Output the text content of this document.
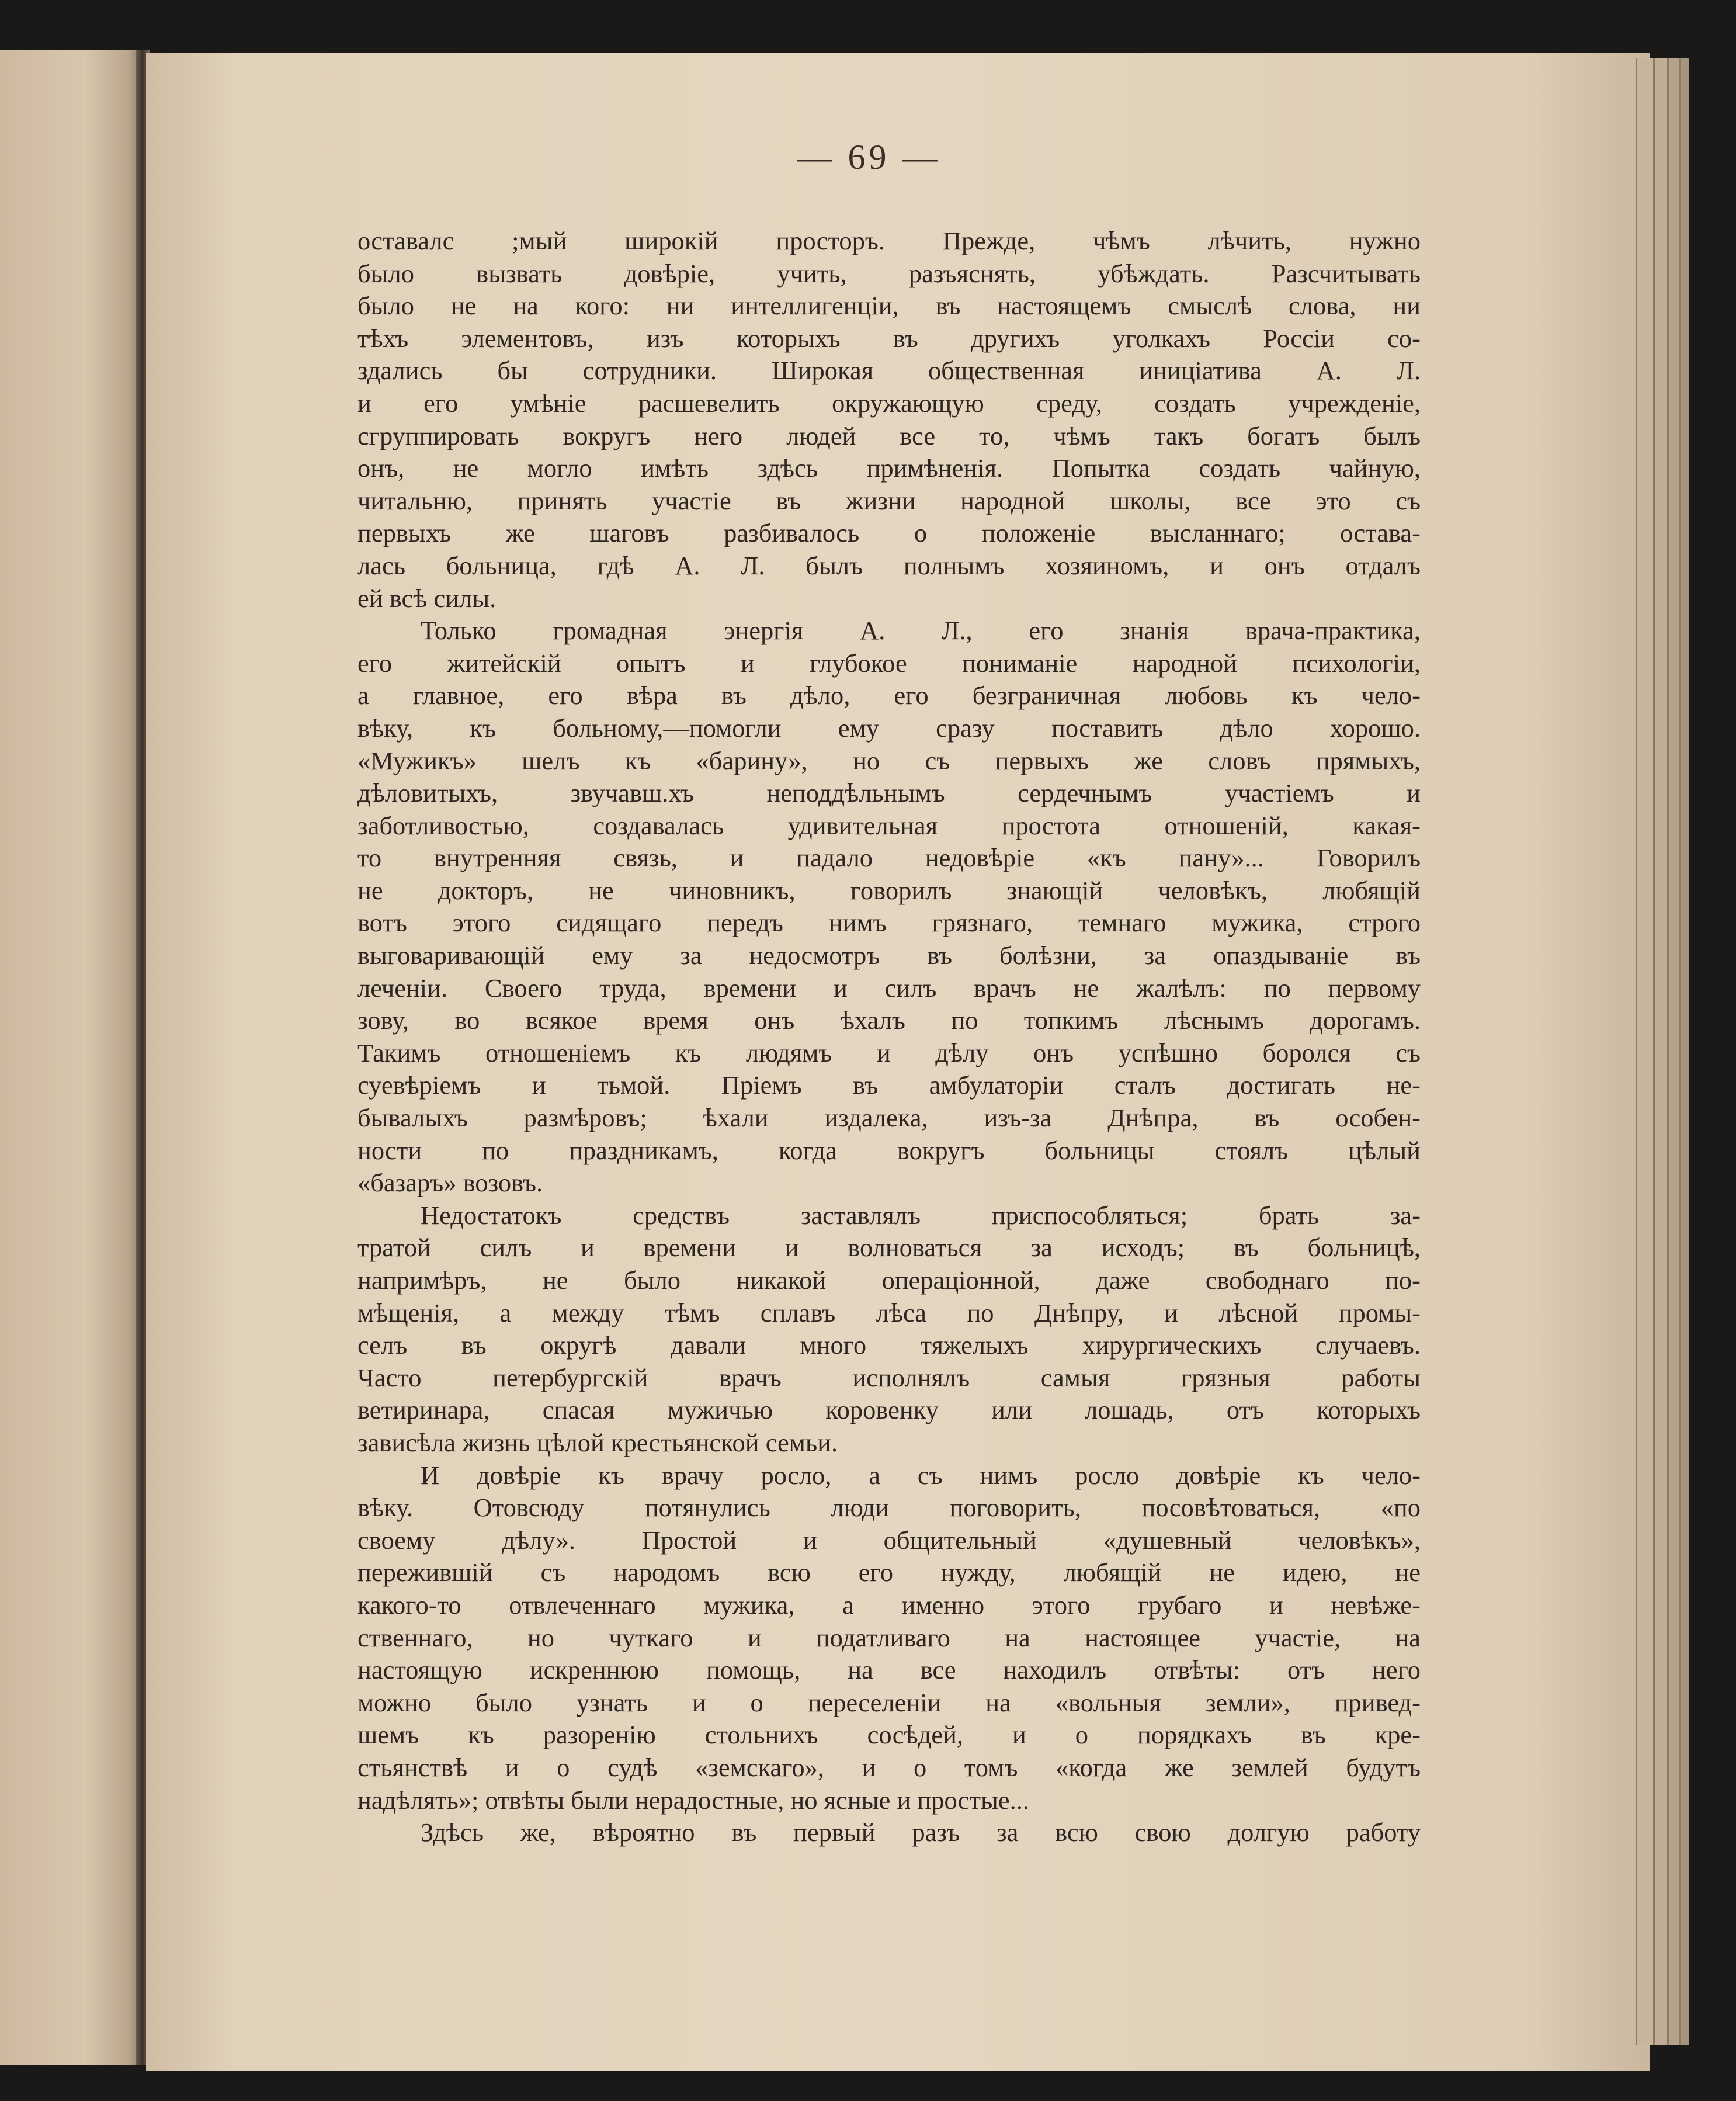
— 69 —
оставалс ;мый широкій просторъ. Прежде, чѣмъ лѣчить, нужно
было вызвать довѣріе, учить, разъяснять, убѣждать. Разсчитывать
было не на кого: ни интеллигенціи, въ настоящемъ смыслѣ слова, ни
тѣхъ элементовъ, изъ которыхъ въ другихъ уголкахъ Россіи со-
здались бы сотрудники. Широкая общественная иниціатива А. Л.
и его умѣніе расшевелить окружающую среду, создать учрежденіе,
сгруппировать вокругъ него людей все то, чѣмъ такъ богатъ былъ
онъ, не могло имѣть здѣсь примѣненія. Попытка создать чайную,
читальню, принять участіе въ жизни народной школы, все это съ
первыхъ же шаговъ разбивалось о положеніе высланнаго; остава-
лась больница, гдѣ А. Л. былъ полнымъ хозяиномъ, и онъ отдалъ
ей всѣ силы.
Только громадная энергія А. Л., его знанія врача-практика,
его житейскій опытъ и глубокое пониманіе народной психологіи,
а главное, его вѣра въ дѣло, его безграничная любовь къ чело-
вѣку, къ больному,—помогли ему сразу поставить дѣло хорошо.
«Мужикъ» шелъ къ «барину», но съ первыхъ же словъ прямыхъ,
дѣловитыхъ, звучавш.хъ неподдѣльнымъ сердечнымъ участіемъ и
заботливостью, создавалась удивительная простота отношеній, какая-
то внутренняя связь, и падало недовѣріе «къ пану»... Говорилъ
не докторъ, не чиновникъ, говорилъ знающій человѣкъ, любящій
вотъ этого сидящаго передъ нимъ грязнаго, темнаго мужика, строго
выговаривающій ему за недосмотръ въ болѣзни, за опаздываніе въ
леченіи. Своего труда, времени и силъ врачъ не жалѣлъ: по первому
зову, во всякое время онъ ѣхалъ по топкимъ лѣснымъ дорогамъ.
Такимъ отношеніемъ къ людямъ и дѣлу онъ успѣшно боролся съ
суевѣріемъ и тьмой. Пріемъ въ амбулаторіи сталъ достигать не-
бывалыхъ размѣровъ; ѣхали издалека, изъ-за Днѣпра, въ особен-
ности по праздникамъ, когда вокругъ больницы стоялъ цѣлый
«базаръ» возовъ.
Недостатокъ средствъ заставлялъ приспособляться; брать за-
тратой силъ и времени и волноваться за исходъ; въ больницѣ,
напримѣръ, не было никакой операціонной, даже свободнаго по-
мѣщенія, а между тѣмъ сплавъ лѣса по Днѣпру, и лѣсной промы-
селъ въ округѣ давали много тяжелыхъ хирургическихъ случаевъ.
Часто петербургскій врачъ исполнялъ самыя грязныя работы
ветиринара, спасая мужичью коровенку или лошадь, отъ которыхъ
зависѣла жизнь цѣлой крестьянской семьи.
И довѣріе къ врачу росло, а съ нимъ росло довѣріе къ чело-
вѣку. Отовсюду потянулись люди поговорить, посовѣтоваться, «по
своему дѣлу». Простой и общительный «душевный человѣкъ»,
пережившій съ народомъ всю его нужду, любящій не идею, не
какого-то отвлеченнаго мужика, а именно этого грубаго и невѣже-
ственнаго, но чуткаго и податливаго на настоящее участіе, на
настоящую искреннюю помощь, на все находилъ отвѣты: отъ него
можно было узнать и о переселеніи на «вольныя земли», привед-
шемъ къ разоренію стольнихъ сосѣдей, и о порядкахъ въ кре-
стьянствѣ и о судѣ «земскаго», и о томъ «когда же землей будутъ
надѣлять»; отвѣты были нерадостные, но ясные и простые...
Здѣсь же, вѣроятно въ первый разъ за всю свою долгую работу
